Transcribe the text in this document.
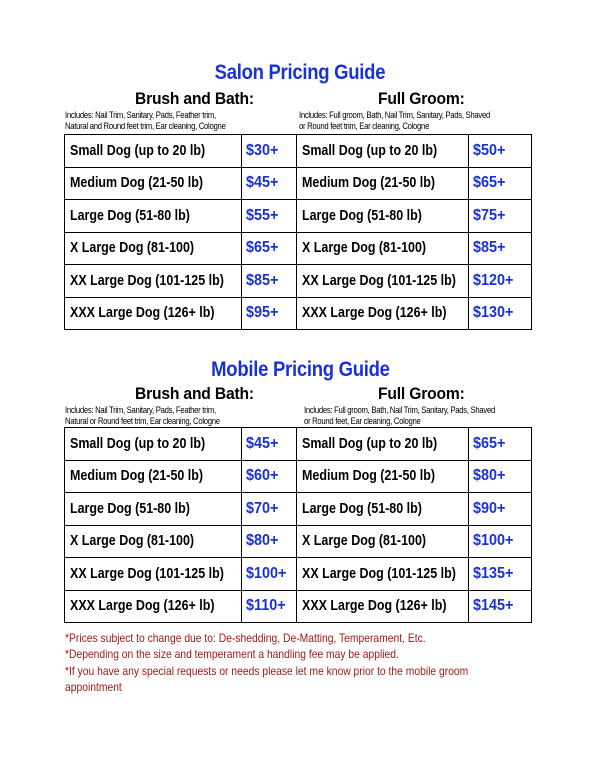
Salon Pricing Guide
Brush and Bath:	Full Groom:
Includes: Nail Trim, Sanitary, Pads, Feather trim,
Natural and Round feet trim, Ear cleaning, Cologne
Includes: Full groom, Bath, Nail Trim, Sanitary, Pads, Shaved
or Round feet trim, Ear cleaning, Cologne
Small Dog (up to 20 lb)	$30+	Small Dog (up to 20 lb)	$50+
Medium Dog (21-50 lb)	$45+	Medium Dog (21-50 lb)	$65+
Large Dog (51-80 lb)	$55+	Large Dog (51-80 lb)	$75+
X Large Dog (81-100)	$65+	X Large Dog (81-100)	$85+
XX Large Dog (101-125 lb)	$85+	XX Large Dog (101-125 lb)	$120+
XXX Large Dog (126+ lb)	$95+	XXX Large Dog (126+ lb)	$130+
Mobile Pricing Guide
Brush and Bath:	Full Groom:
Includes: Nail Trim, Sanitary, Pads, Feather trim,
Natural or Round feet trim, Ear cleaning, Cologne
Includes: Full groom, Bath, Nail Trim, Sanitary, Pads, Shaved
or Round feet, Ear cleaning, Cologne
Small Dog (up to 20 lb)	$45+	Small Dog (up to 20 lb)	$65+
Medium Dog (21-50 lb)	$60+	Medium Dog (21-50 lb)	$80+
Large Dog (51-80 lb)	$70+	Large Dog (51-80 lb)	$90+
X Large Dog (81-100)	$80+	X Large Dog (81-100)	$100+
XX Large Dog (101-125 lb)	$100+	XX Large Dog (101-125 lb)	$135+
XXX Large Dog (126+ lb)	$110+	XXX Large Dog (126+ lb)	$145+
*Prices subject to change due to: De-shedding, De-Matting, Temperament, Etc.
*Depending on the size and temperament a handling fee may be applied.
*If you have any special requests or needs please let me know prior to the mobile groom
appointment
